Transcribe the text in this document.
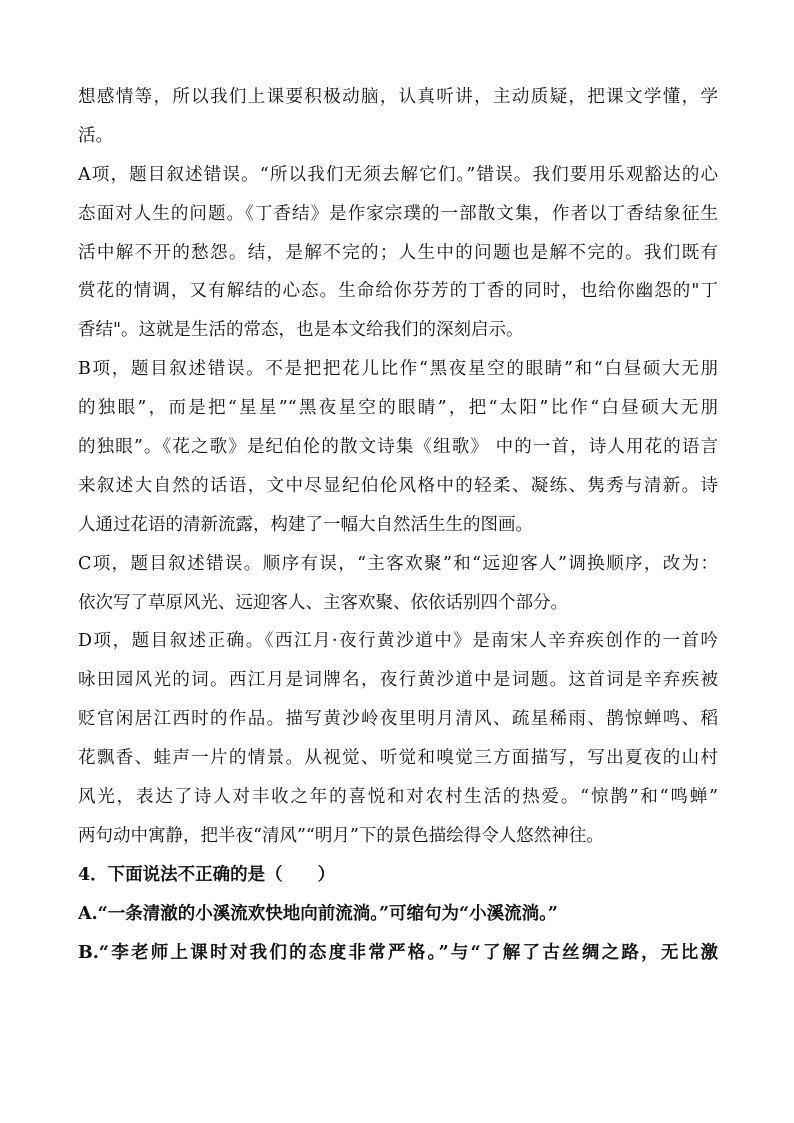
想感情等，所以我们上课要积极动脑，认真听讲，主动质疑，把课文学懂，学
活。
A项，题目叙述错误。“所以我们无须去解它们。”错误。我们要用乐观豁达的心
态面对人生的问题。《丁香结》是作家宗璞的一部散文集，作者以丁香结象征生
活中解不开的愁怨。结，是解不完的；人生中的问题也是解不完的。我们既有
赏花的情调，又有解结的心态。生命给你芬芳的丁香的同时，也给你幽怨的"丁
香结"。这就是生活的常态，也是本文给我们的深刻启示。
B项，题目叙述错误。不是把把花儿比作“黑夜星空的眼睛”和“白昼硕大无朋
的独眼”，而是把“星星”“黑夜星空的眼睛”，把“太阳”比作“白昼硕大无朋
的独眼”。《花之歌》是纪伯伦的散文诗集《组歌》 中的一首，诗人用花的语言
来叙述大自然的话语，文中尽显纪伯伦风格中的轻柔、凝练、隽秀与清新。诗
人通过花语的清新流露，构建了一幅大自然活生生的图画。
C项，题目叙述错误。顺序有误，“主客欢聚”和“远迎客人”调换顺序，改为：
依次写了草原风光、远迎客人、主客欢聚、依依话别四个部分。
D项，题目叙述正确。《西江月·夜行黄沙道中》是南宋人辛弃疾创作的一首吟
咏田园风光的词。西江月是词牌名，夜行黄沙道中是词题。这首词是辛弃疾被
贬官闲居江西时的作品。描写黄沙岭夜里明月清风、疏星稀雨、鹊惊蝉鸣、稻
花飘香、蛙声一片的情景。从视觉、听觉和嗅觉三方面描写，写出夏夜的山村
风光，表达了诗人对丰收之年的喜悦和对农村生活的热爱。“惊鹊”和“鸣蝉”
两句动中寓静，把半夜“清风”“明月”下的景色描绘得令人悠然神往。
4．下面说法不正确的是（　　）
A.“一条清澈的小溪流欢快地向前流淌。”可缩句为“小溪流淌。”
B.“李老师上课时对我们的态度非常严格。”与“了解了古丝绸之路，无比激
